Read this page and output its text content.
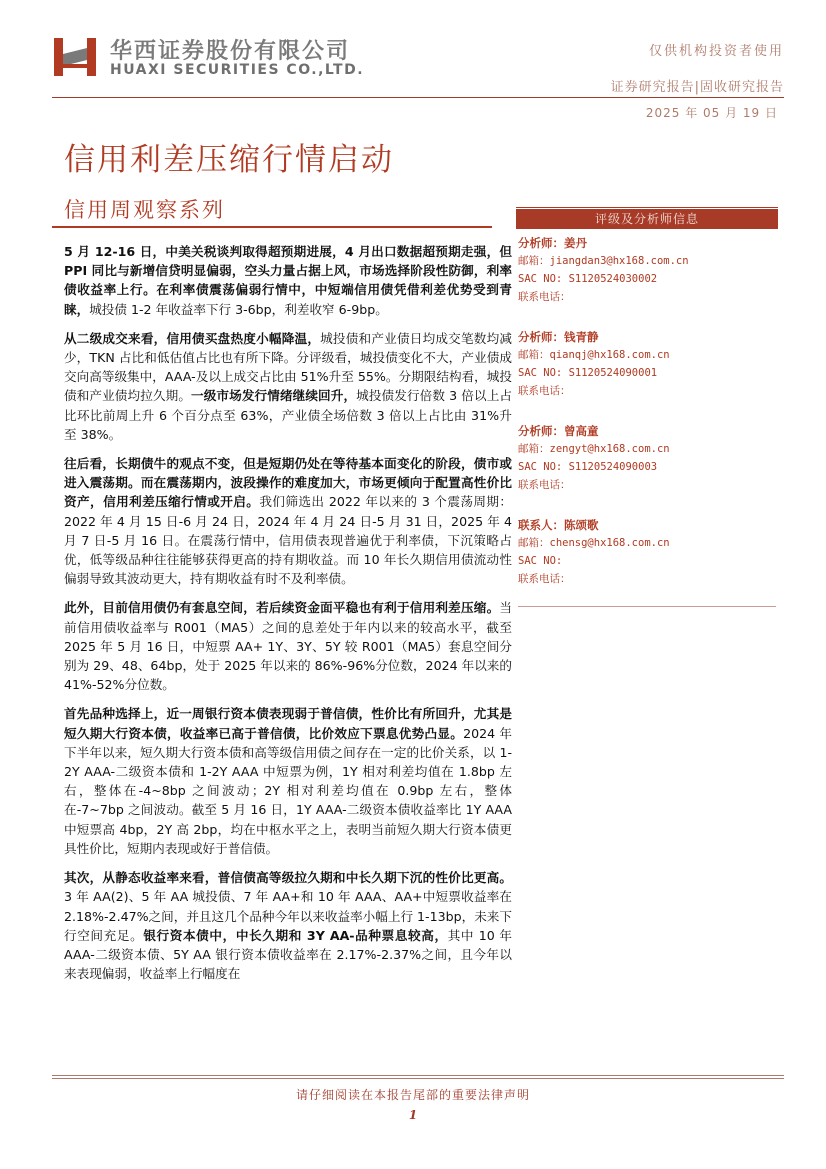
华西证券股份有限公司
HUAXI SECURITIES CO.,LTD.
仅供机构投资者使用
证券研究报告|固收研究报告
2025 年 05 月 19 日
信用利差压缩行情启动
信用周观察系列

5 月 12-16 日，中美关税谈判取得超预期进展，4 月出口数据超预期走强，但 PPI 同比与新增信贷明显偏弱，空头力量占据上风，市场选择阶段性防御，利率债收益率上行。在利率债震荡偏弱行情中，中短端信用债凭借利差优势受到青睐，城投债 1-2 年收益率下行 3-6bp，利差收窄 6-9bp。

从二级成交来看，信用债买盘热度小幅降温，城投债和产业债日均成交笔数均减少，TKN 占比和低估值占比也有所下降。分评级看，城投债变化不大，产业债成交向高等级集中，AAA-及以上成交占比由 51%升至 55%。分期限结构看，城投债和产业债均拉久期。一级市场发行情绪继续回升，城投债发行倍数 3 倍以上占比环比前周上升 6 个百分点至 63%，产业债全场倍数 3 倍以上占比由 31%升至 38%。

往后看，长期债牛的观点不变，但是短期仍处在等待基本面变化的阶段，债市或进入震荡期。而在震荡期内，波段操作的难度加大，市场更倾向于配置高性价比资产，信用利差压缩行情或开启。我们筛选出 2022 年以来的 3 个震荡周期：2022 年 4 月 15 日-6 月 24 日，2024 年 4 月 24 日-5 月 31 日，2025 年 4 月 7 日-5 月 16 日。在震荡行情中，信用债表现普遍优于利率债，下沉策略占优，低等级品种往往能够获得更高的持有期收益。而 10 年长久期信用债流动性偏弱导致其波动更大，持有期收益有时不及利率债。

此外，目前信用债仍有套息空间，若后续资金面平稳也有利于信用利差压缩。当前信用债收益率与 R001（MA5）之间的息差处于年内以来的较高水平，截至 2025 年 5 月 16 日，中短票 AA+ 1Y、3Y、5Y 较 R001（MA5）套息空间分别为 29、48、64bp，处于 2025 年以来的 86%-96%分位数，2024 年以来的 41%-52%分位数。

首先品种选择上，近一周银行资本债表现弱于普信债，性价比有所回升，尤其是短久期大行资本债，收益率已高于普信债，比价效应下票息优势凸显。2024 年下半年以来，短久期大行资本债和高等级信用债之间存在一定的比价关系，以 1-2Y AAA-二级资本债和 1-2Y AAA 中短票为例，1Y 相对利差均值在 1.8bp 左右，整体在-4~8bp 之间波动；2Y 相对利差均值在 0.9bp 左右，整体在-7~7bp 之间波动。截至 5 月 16 日，1Y AAA-二级资本债收益率比 1Y AAA 中短票高 4bp，2Y 高 2bp，均在中枢水平之上，表明当前短久期大行资本债更具性价比，短期内表现或好于普信债。

其次，从静态收益率来看，普信债高等级拉久期和中长久期下沉的性价比更高。3 年 AA(2)、5 年 AA 城投债、7 年 AA+和 10 年 AAA、AA+中短票收益率在 2.18%-2.47%之间，并且这几个品种今年以来收益率小幅上行 1-13bp，未来下行空间充足。银行资本债中，中长久期和 3Y AA-品种票息较高，其中 10 年 AAA-二级资本债、5Y AA 银行资本债收益率在 2.17%-2.37%之间，且今年以来表现偏弱，收益率上行幅度在

评级及分析师信息
分析师：姜丹
邮箱：jiangdan3@hx168.com.cn
SAC NO: S1120524030002
联系电话：
分析师：钱青静
邮箱：qianqj@hx168.com.cn
SAC NO: S1120524090001
联系电话：
分析师：曾高童
邮箱：zengyt@hx168.com.cn
SAC NO: S1120524090003
联系电话：
联系人：陈颂歌
邮箱：chensg@hx168.com.cn
SAC NO:
联系电话：
请仔细阅读在本报告尾部的重要法律声明
1
